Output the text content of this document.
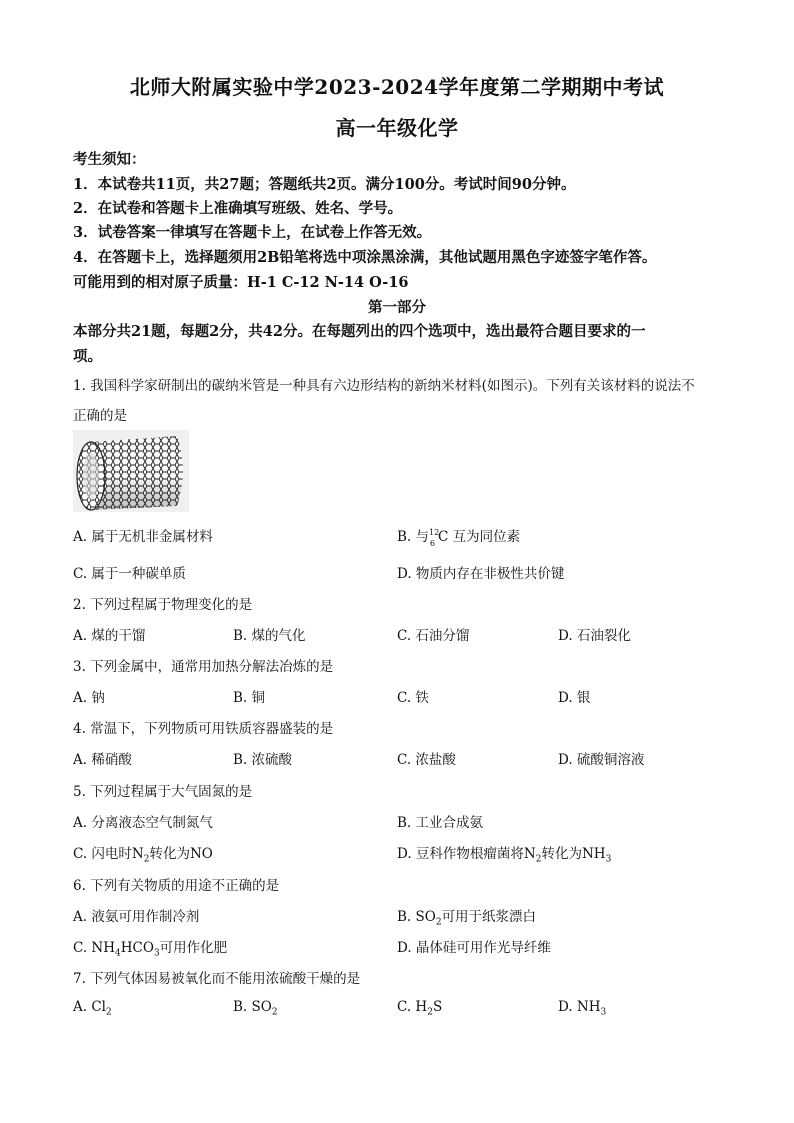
北师大附属实验中学2023-2024学年度第二学期期中考试
高一年级化学
考生须知：
1．本试卷共11页，共27题；答题纸共2页。满分100分。考试时间90分钟。
2．在试卷和答题卡上准确填写班级、姓名、学号。
3．试卷答案一律填写在答题卡上，在试卷上作答无效。
4．在答题卡上，选择题须用2B铅笔将选中项涂黑涂满，其他试题用黑色字迹签字笔作答。
可能用到的相对原子质量：H-1 C-12 N-14 O-16
第一部分
本部分共21题，每题2分，共42分。在每题列出的四个选项中，选出最符合题目要求的一
项。
1. 我国科学家研制出的碳纳米管是一种具有六边形结构的新纳米材料(如图示)。下列有关该材料的说法不
正确的是
A. 属于无机非金属材料	B. 与 12
6 C 互为同位素
C. 属于一种碳单质	D. 物质内存在非极性共价键
2. 下列过程属于物理变化的是
A. 煤的干馏	B. 煤的气化	C. 石油分馏	D. 石油裂化
3. 下列金属中，通常用加热分解法冶炼的是
A. 钠	B. 铜	C. 铁	D. 银
4. 常温下，下列物质可用铁质容器盛装的是
A. 稀硝酸	B. 浓硫酸	C. 浓盐酸	D. 硫酸铜溶液
5. 下列过程属于大气固氮的是
A. 分离液态空气制氮气	B. 工业合成氨
C. 闪电时$N_2$转化为NO	D. 豆科作物根瘤菌将$N_2$转化为$NH_3$
6. 下列有关物质的用途不正确的是
A. 液氨可用作制冷剂	B. $SO_2$可用于纸浆漂白
C. $NH_4HCO_3$可用作化肥	D. 晶体硅可用作光导纤维
7. 下列气体因易被氧化而不能用浓硫酸干燥的是
A. $Cl_2$	B. $SO_2$	C. $H_2S$	D. $NH_3$
